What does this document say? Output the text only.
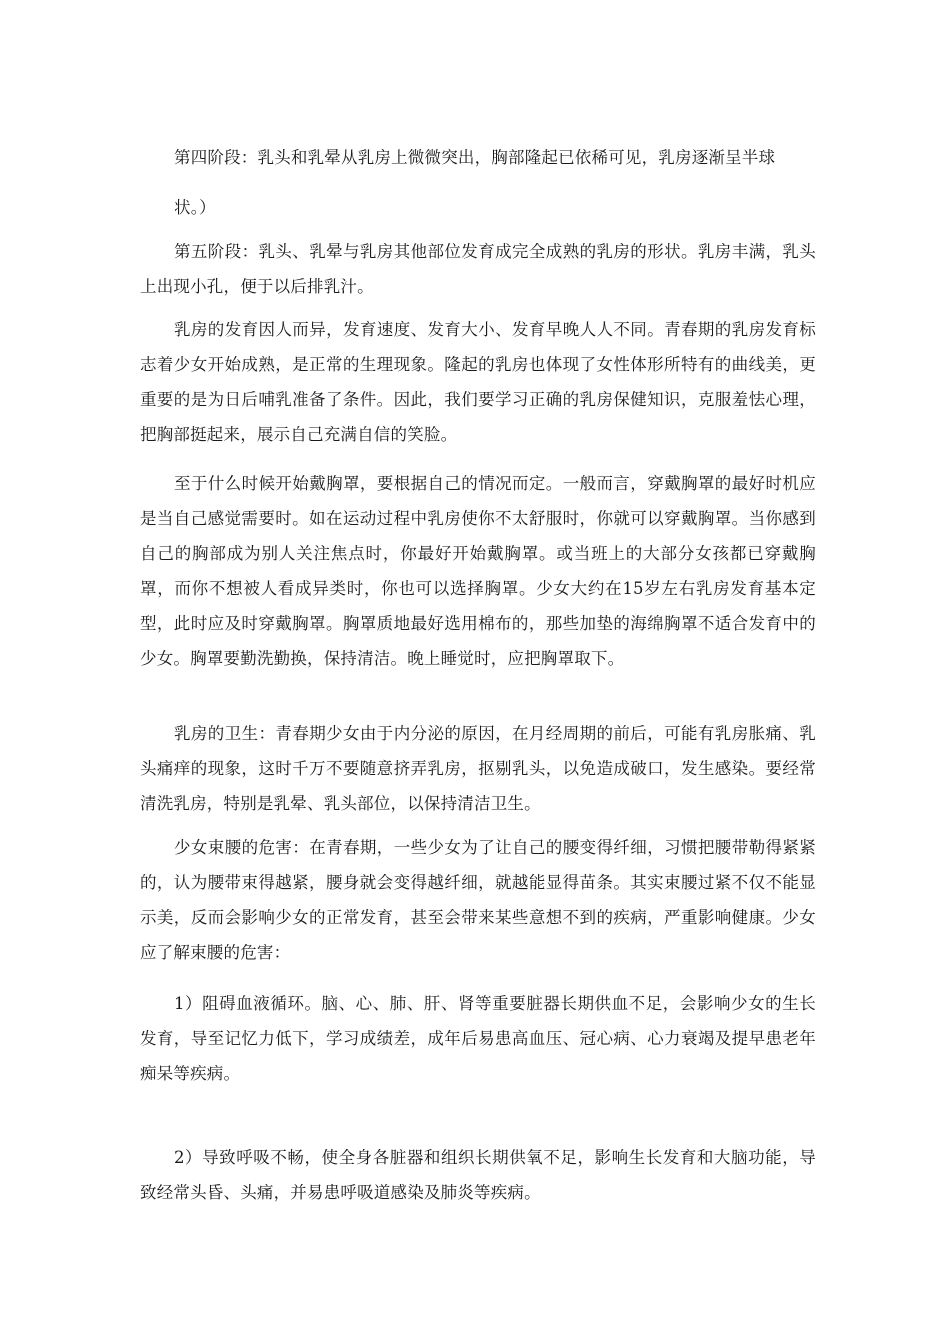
第四阶段：乳头和乳晕从乳房上微微突出，胸部隆起已依稀可见，乳房逐渐呈半球

状。）

第五阶段：乳头、乳晕与乳房其他部位发育成完全成熟的乳房的形状。乳房丰满，乳头上出现小孔，便于以后排乳汁。

乳房的发育因人而异，发育速度、发育大小、发育早晚人人不同。青春期的乳房发育标志着少女开始成熟，是正常的生理现象。隆起的乳房也体现了女性体形所特有的曲线美，更重要的是为日后哺乳准备了条件。因此，我们要学习正确的乳房保健知识，克服羞怯心理，把胸部挺起来，展示自己充满自信的笑脸。

至于什么时候开始戴胸罩，要根据自己的情况而定。一般而言，穿戴胸罩的最好时机应是当自己感觉需要时。如在运动过程中乳房使你不太舒服时，你就可以穿戴胸罩。当你感到自己的胸部成为别人关注焦点时，你最好开始戴胸罩。或当班上的大部分女孩都已穿戴胸罩，而你不想被人看成异类时，你也可以选择胸罩。少女大约在15岁左右乳房发育基本定型，此时应及时穿戴胸罩。胸罩质地最好选用棉布的，那些加垫的海绵胸罩不适合发育中的少女。胸罩要勤洗勤换，保持清洁。晚上睡觉时，应把胸罩取下。

乳房的卫生：青春期少女由于内分泌的原因，在月经周期的前后，可能有乳房胀痛、乳头痛痒的现象，这时千万不要随意挤弄乳房，抠剔乳头，以免造成破口，发生感染。要经常清洗乳房，特别是乳晕、乳头部位，以保持清洁卫生。

少女束腰的危害：在青春期，一些少女为了让自己的腰变得纤细，习惯把腰带勒得紧紧的，认为腰带束得越紧，腰身就会变得越纤细，就越能显得苗条。其实束腰过紧不仅不能显示美，反而会影响少女的正常发育，甚至会带来某些意想不到的疾病，严重影响健康。少女应了解束腰的危害：

1）阻碍血液循环。脑、心、肺、肝、肾等重要脏器长期供血不足，会影响少女的生长发育，导至记忆力低下，学习成绩差，成年后易患高血压、冠心病、心力衰竭及提早患老年痴呆等疾病。

2）导致呼吸不畅，使全身各脏器和组织长期供氧不足，影响生长发育和大脑功能，导致经常头昏、头痛，并易患呼吸道感染及肺炎等疾病。
